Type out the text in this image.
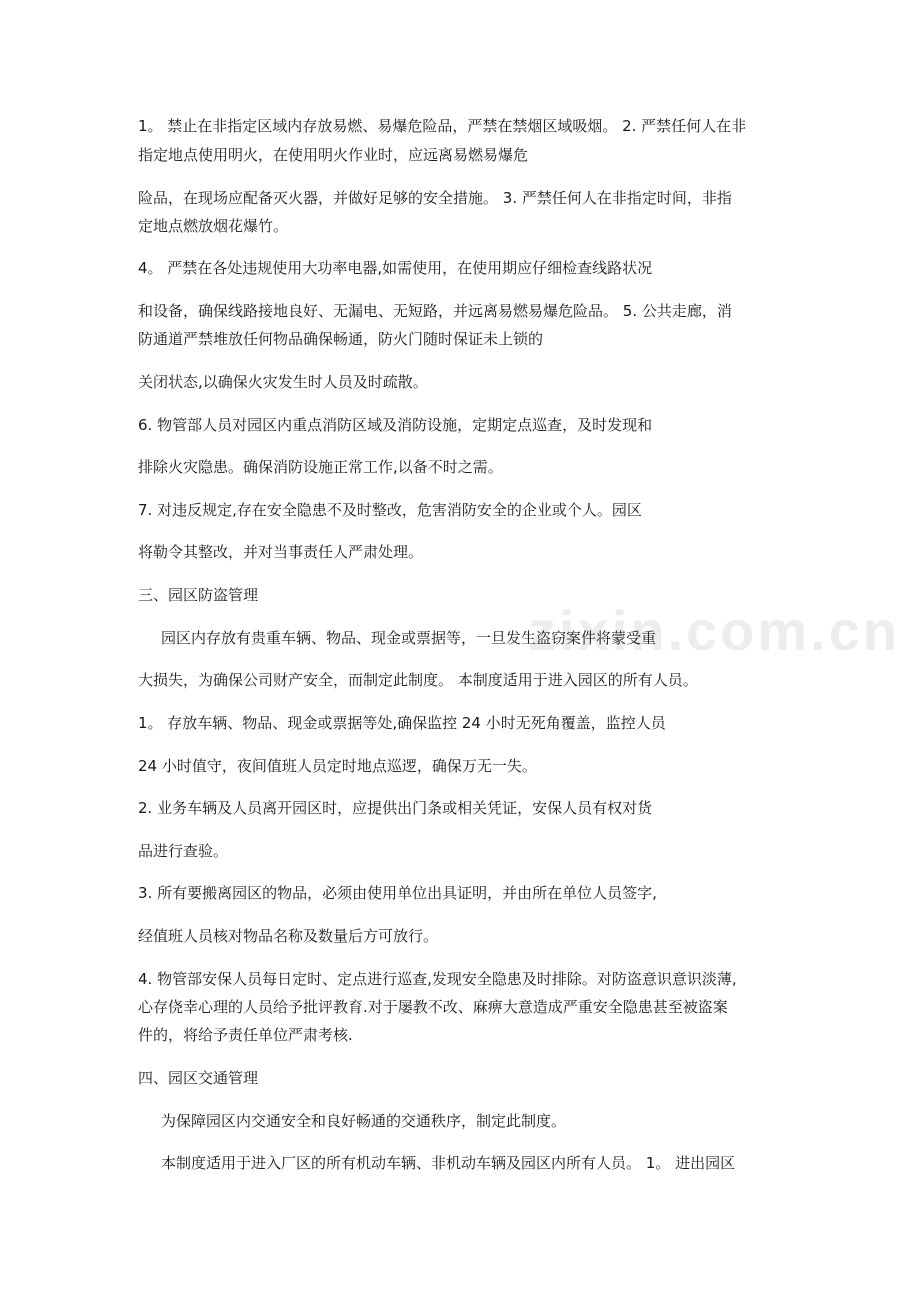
zixin.com.cn
1。 禁止在非指定区域内存放易燃、易爆危险品，严禁在禁烟区域吸烟。 2. 严禁任何人在非
指定地点使用明火，在使用明火作业时，应远离易燃易爆危
险品，在现场应配备灭火器，并做好足够的安全措施。 3. 严禁任何人在非指定时间，非指
定地点燃放烟花爆竹。
4。 严禁在各处违规使用大功率电器,如需使用，在使用期应仔细检查线路状况
和设备，确保线路接地良好、无漏电、无短路，并远离易燃易爆危险品。 5. 公共走廊，消
防通道严禁堆放任何物品确保畅通，防火门随时保证未上锁的
关闭状态,以确保火灾发生时人员及时疏散。
6. 物管部人员对园区内重点消防区域及消防设施，定期定点巡查，及时发现和
排除火灾隐患。确保消防设施正常工作,以备不时之需。
7. 对违反规定,存在安全隐患不及时整改，危害消防安全的企业或个人。园区
将勒令其整改，并对当事责任人严肃处理。
三、园区防盗管理
园区内存放有贵重车辆、物品、现金或票据等，一旦发生盗窃案件将蒙受重
大损失，为确保公司财产安全，而制定此制度。 本制度适用于进入园区的所有人员。
1。 存放车辆、物品、现金或票据等处,确保监控 24 小时无死角覆盖，监控人员
24 小时值守，夜间值班人员定时地点巡逻，确保万无一失。
2. 业务车辆及人员离开园区时，应提供出门条或相关凭证，安保人员有权对货
品进行查验。
3. 所有要搬离园区的物品，必须由使用单位出具证明，并由所在单位人员签字,
经值班人员核对物品名称及数量后方可放行。
4. 物管部安保人员每日定时、定点进行巡查,发现安全隐患及时排除。对防盗意识意识淡薄,
心存侥幸心理的人员给予批评教育.对于屡教不改、麻痹大意造成严重安全隐患甚至被盗案
件的，将给予责任单位严肃考核.
四、园区交通管理
为保障园区内交通安全和良好畅通的交通秩序，制定此制度。
本制度适用于进入厂区的所有机动车辆、非机动车辆及园区内所有人员。 1。 进出园区
